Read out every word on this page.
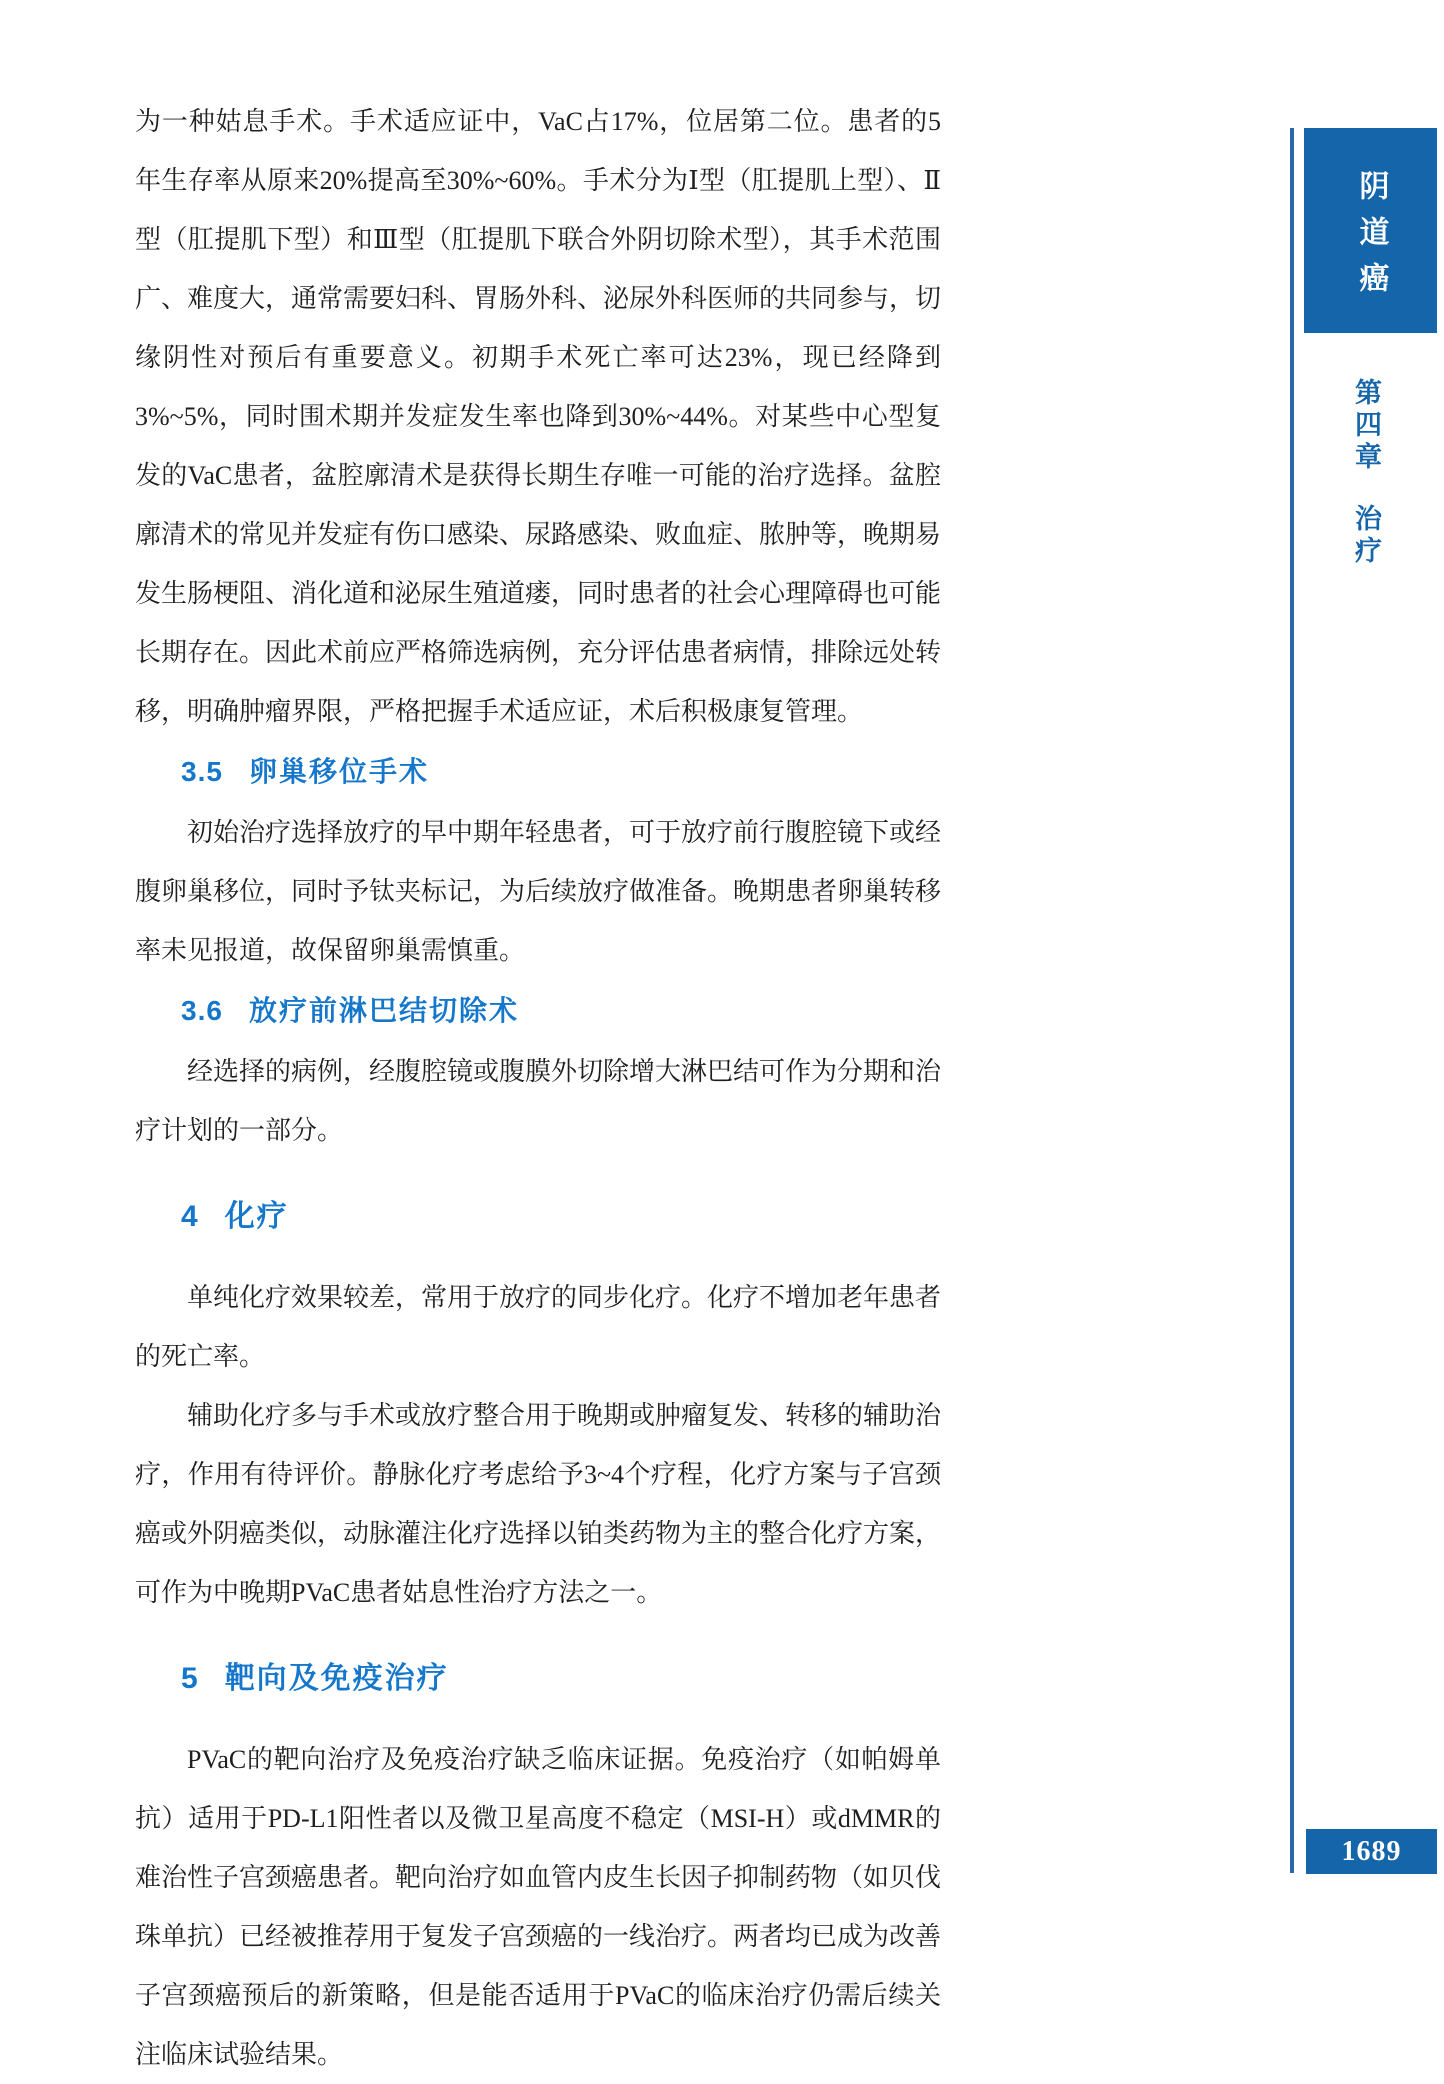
为一种姑息手术。手术适应证中，VaC占17%，位居第二位。患者的5年生存率从原来20%提高至30%~60%。手术分为Ⅰ型（肛提肌上型）、Ⅱ型（肛提肌下型）和Ⅲ型（肛提肌下联合外阴切除术型），其手术范围广、难度大，通常需要妇科、胃肠外科、泌尿外科医师的共同参与，切缘阴性对预后有重要意义。初期手术死亡率可达23%，现已经降到3%~5%，同时围术期并发症发生率也降到30%~44%。对某些中心型复发的VaC患者，盆腔廓清术是获得长期生存唯一可能的治疗选择。盆腔廓清术的常见并发症有伤口感染、尿路感染、败血症、脓肿等，晚期易发生肠梗阻、消化道和泌尿生殖道瘘，同时患者的社会心理障碍也可能长期存在。因此术前应严格筛选病例，充分评估患者病情，排除远处转移，明确肿瘤界限，严格把握手术适应证，术后积极康复管理。

3.5 卵巢移位手术

初始治疗选择放疗的早中期年轻患者，可于放疗前行腹腔镜下或经腹卵巢移位，同时予钛夹标记，为后续放疗做准备。晚期患者卵巢转移率未见报道，故保留卵巢需慎重。

3.6 放疗前淋巴结切除术

经选择的病例，经腹腔镜或腹膜外切除增大淋巴结可作为分期和治疗计划的一部分。

4 化疗

单纯化疗效果较差，常用于放疗的同步化疗。化疗不增加老年患者的死亡率。

辅助化疗多与手术或放疗整合用于晚期或肿瘤复发、转移的辅助治疗，作用有待评价。静脉化疗考虑给予3~4个疗程，化疗方案与子宫颈癌或外阴癌类似，动脉灌注化疗选择以铂类药物为主的整合化疗方案，可作为中晚期PVaC患者姑息性治疗方法之一。

5 靶向及免疫治疗

PVaC的靶向治疗及免疫治疗缺乏临床证据。免疫治疗（如帕姆单抗）适用于PD-L1阳性者以及微卫星高度不稳定（MSI-H）或dMMR的难治性子宫颈癌患者。靶向治疗如血管内皮生长因子抑制药物（如贝伐珠单抗）已经被推荐用于复发子宫颈癌的一线治疗。两者均已成为改善子宫颈癌预后的新策略，但是能否适用于PVaC的临床治疗仍需后续关注临床试验结果。

阴道癌
第四章治疗
1689
